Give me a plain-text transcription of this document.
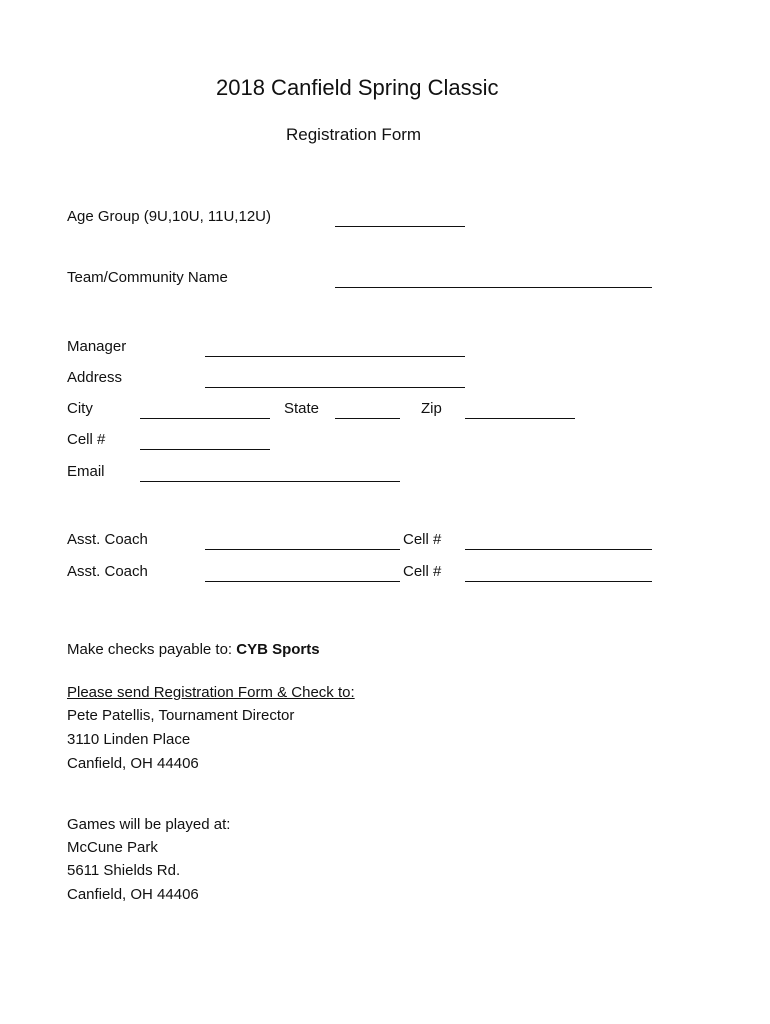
2018 Canfield Spring Classic
Registration Form
Age Group (9U,10U, 11U,12U)
Team/Community Name
Manager
Address
City	State	Zip
Cell #
Email
Asst. Coach	Cell #
Asst. Coach	Cell #
Make checks payable to: CYB Sports
Please send Registration Form & Check to:
Pete Patellis, Tournament Director
3110 Linden Place
Canfield, OH 44406
Games will be played at:
McCune Park
5611 Shields Rd.
Canfield, OH 44406
